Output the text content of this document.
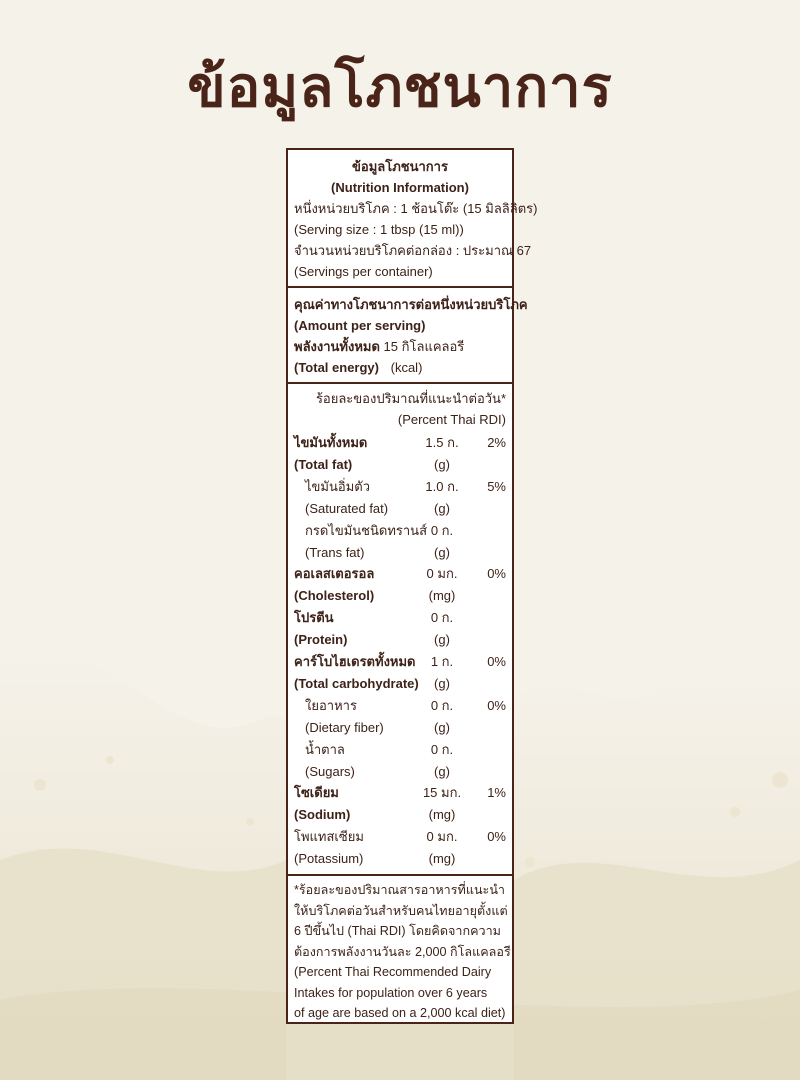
ข้อมูลโภชนาการ
ข้อมูลโภชนาการ
(Nutrition Information)
หนึ่งหน่วยบริโภค : 1 ช้อนโต๊ะ (15 มิลลิลิตร)
(Serving size : 1 tbsp (15 ml))
จำนวนหน่วยบริโภคต่อกล่อง : ประมาณ 67
(Servings per container)
คุณค่าทางโภชนาการต่อหนึ่งหน่วยบริโภค
(Amount per serving)
พลังงานทั้งหมด 15 กิโลแคลอรี
(Total energy) (kcal)
ร้อยละของปริมาณที่แนะนำต่อวัน*
(Percent Thai RDI)
ไขมันทั้งหมด	1.5 ก.	2%
(Total fat)	(g)
ไขมันอิ่มตัว	1.0 ก.	5%
(Saturated fat)	(g)
กรดไขมันชนิดทรานส์ 0 ก.
(Trans fat)	(g)
คอเลสเตอรอล	0 มก.	0%
(Cholesterol)	(mg)
โปรตีน	0 ก.
(Protein)	(g)
คาร์โบไฮเดรตทั้งหมด	1 ก.	0%
(Total carbohydrate)	(g)
ใยอาหาร	0 ก.	0%
(Dietary fiber)	(g)
น้ำตาล	0 ก.
(Sugars)	(g)
โซเดียม	15 มก.	1%
(Sodium)	(mg)
โพแทสเซียม	0 มก.	0%
(Potassium)	(mg)
*ร้อยละของปริมาณสารอาหารที่แนะนำ
ให้บริโภคต่อวันสำหรับคนไทยอายุตั้งแต่
6 ปีขึ้นไป (Thai RDI) โดยคิดจากความ
ต้องการพลังงานวันละ 2,000 กิโลแคลอรี
(Percent Thai Recommended Dairy
Intakes for population over 6 years
of age are based on a 2,000 kcal diet)
